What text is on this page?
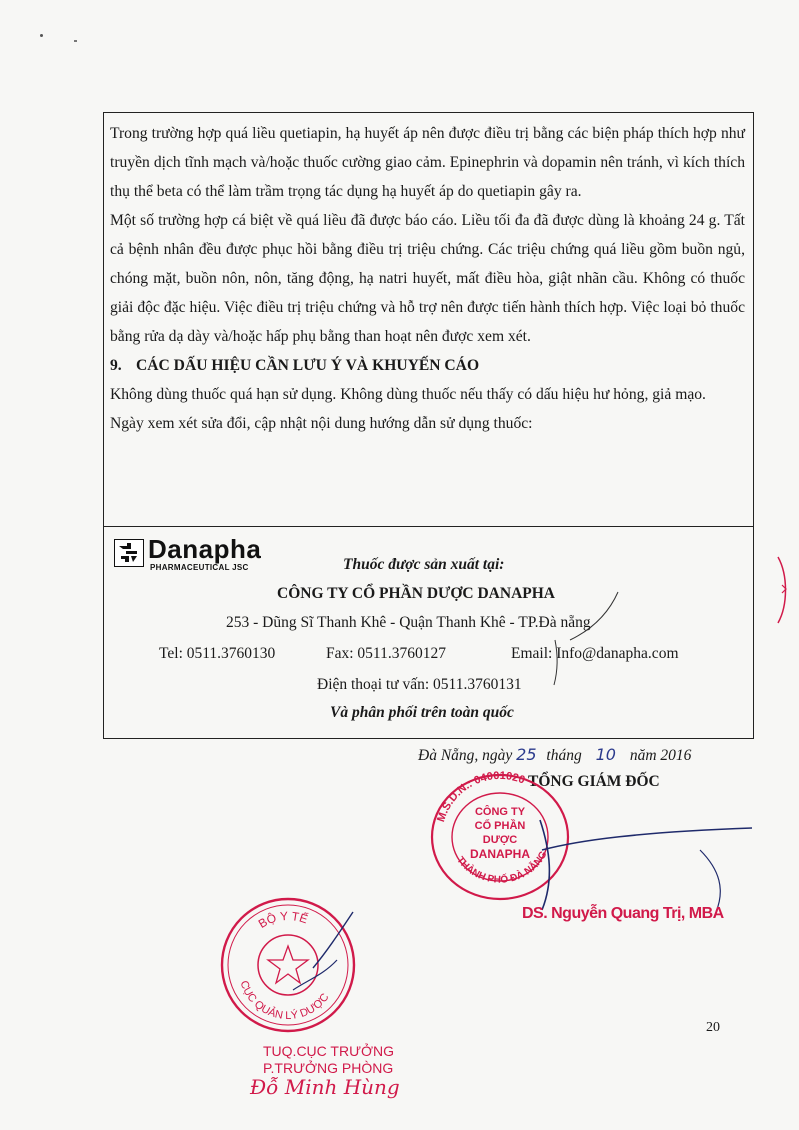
Trong trường hợp quá liều quetiapin, hạ huyết áp nên được điều trị bằng các biện pháp thích hợp như truyền dịch tĩnh mạch và/hoặc thuốc cường giao cảm. Epinephrin và dopamin nên tránh, vì kích thích thụ thể beta có thể làm trầm trọng tác dụng hạ huyết áp do quetiapin gây ra.

Một số trường hợp cá biệt về quá liều đã được báo cáo. Liều tối đa đã được dùng là khoảng 24 g. Tất cả bệnh nhân đều được phục hồi bằng điều trị triệu chứng. Các triệu chứng quá liều gồm buồn ngủ, chóng mặt, buồn nôn, nôn, tăng động, hạ natri huyết, mất điều hòa, giật nhãn cầu. Không có thuốc giải độc đặc hiệu. Việc điều trị triệu chứng và hỗ trợ nên được tiến hành thích hợp. Việc loại bỏ thuốc bằng rửa dạ dày và/hoặc hấp phụ bằng than hoạt nên được xem xét.

9. CÁC DẤU HIỆU CẦN LƯU Ý VÀ KHUYẾN CÁO

Không dùng thuốc quá hạn sử dụng. Không dùng thuốc nếu thấy có dấu hiệu hư hỏng, giả mạo.

Ngày xem xét sửa đổi, cập nhật nội dung hướng dẫn sử dụng thuốc:

Danapha
PHARMACEUTICAL JSC	Thuốc được sản xuất tại:
CÔNG TY CỔ PHẦN DƯỢC DANAPHA
253 - Dũng Sĩ Thanh Khê - Quận Thanh Khê - TP.Đà nẵng
Tel: 0511.3760130	Fax: 0511.3760127	Email: Info@danapha.com
Điện thoại tư vấn: 0511.3760131
Và phân phối trên toàn quốc
Đà Nẵng, ngày 25 tháng 10 năm 2016
TỔNG GIÁM ĐỐC
M.S.D.N.: 04001020
THÀNH PHỐ ĐÀ NẴNG
CÔNG TY
CỔ PHẦN
DƯỢC
DANAPHA
DS. Nguyễn Quang Trị, MBA
BỘ Y TẾ
CỤC QUẢN LÝ DƯỢC
20
TUQ.CỤC TRƯỞNG
P.TRƯỞNG PHÒNG
Đỗ Minh Hùng
